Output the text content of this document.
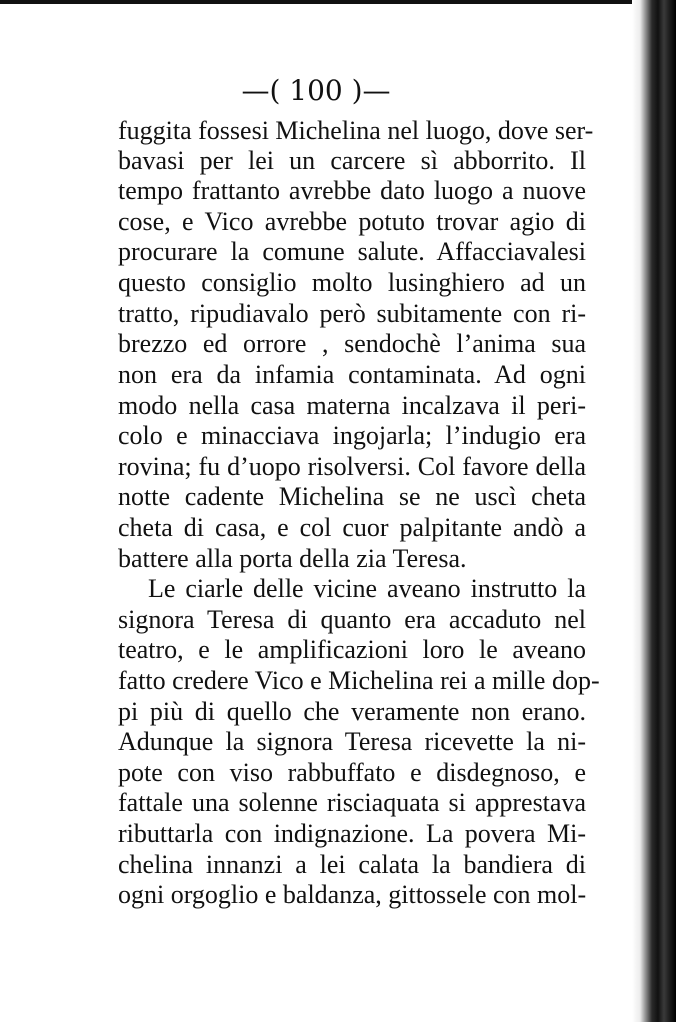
—( 100 )—
fuggita fossesi Michelina nel luogo, dove ser-
bavasi per lei un carcere sì abborrito. Il
tempo frattanto avrebbe dato luogo a nuove
cose, e Vico avrebbe potuto trovar agio di
procurare la comune salute. Affacciavalesi
questo consiglio molto lusinghiero ad un
tratto, ripudiavalo però subitamente con ri-
brezzo ed orrore , sendochè l’anima sua
non era da infamia contaminata. Ad ogni
modo nella casa materna incalzava il peri-
colo e minacciava ingojarla; l’indugio era
rovina; fu d’uopo risolversi. Col favore della
notte cadente Michelina se ne uscì cheta
cheta di casa, e col cuor palpitante andò a
battere alla porta della zia Teresa.
Le ciarle delle vicine aveano instrutto la
signora Teresa di quanto era accaduto nel
teatro, e le amplificazioni loro le aveano
fatto credere Vico e Michelina rei a mille dop-
pi più di quello che veramente non erano.
Adunque la signora Teresa ricevette la ni-
pote con viso rabbuffato e disdegnoso, e
fattale una solenne risciaquata si apprestava
ributtarla con indignazione. La povera Mi-
chelina innanzi a lei calata la bandiera di
ogni orgoglio e baldanza, gittossele con mol-
